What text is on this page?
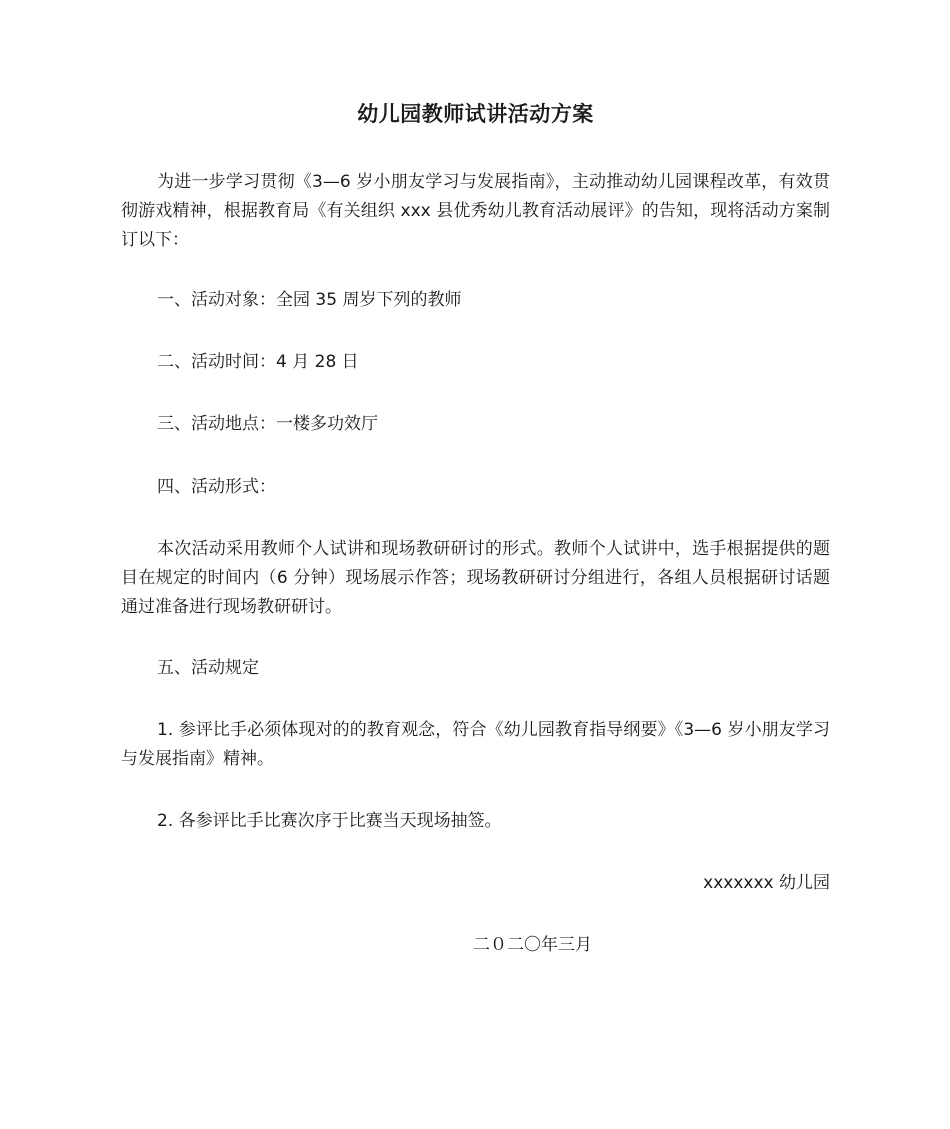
幼儿园教师试讲活动方案

为进一步学习贯彻《3—6 岁小朋友学习与发展指南》，主动推动幼儿园课程改革，有效贯彻游戏精神，根据教育局《有关组织 xxx 县优秀幼儿教育活动展评》的告知，现将活动方案制订以下：

一、活动对象：全园 35 周岁下列的教师
二、活动时间：4 月 28 日
三、活动地点：一楼多功效厅
四、活动形式：

本次活动采用教师个人试讲和现场教研研讨的形式。教师个人试讲中，选手根据提供的题目在规定的时间内（6 分钟）现场展示作答；现场教研研讨分组进行，各组人员根据研讨话题通过准备进行现场教研研讨。

五、活动规定

1. 参评比手必须体现对的的教育观念，符合《幼儿园教育指导纲要》《3—6 岁小朋友学习与发展指南》精神。

2. 各参评比手比赛次序于比赛当天现场抽签。
xxxxxxx 幼儿园
二０二〇年三月
